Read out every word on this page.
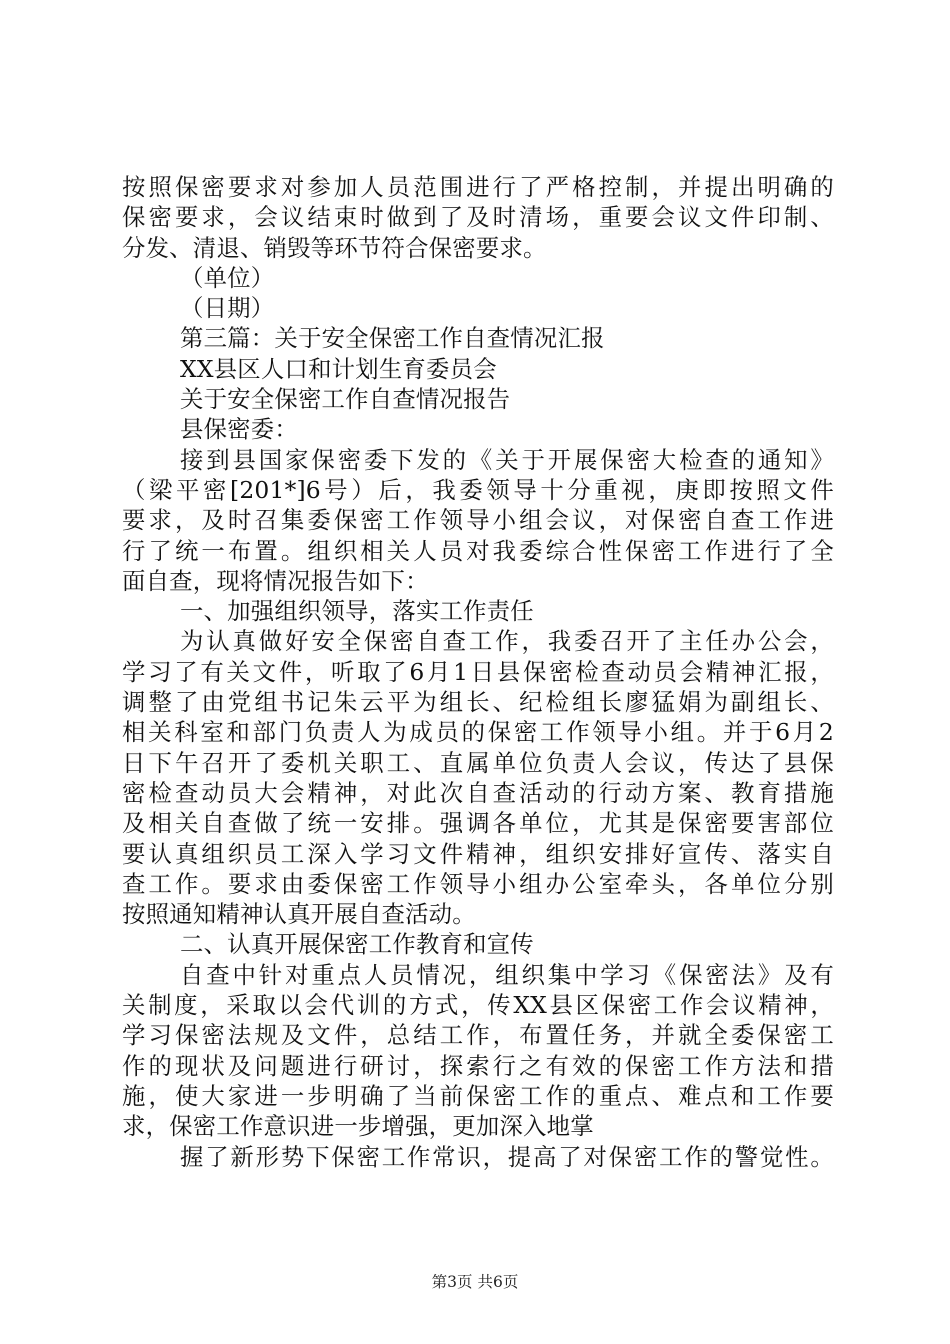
按照保密要求对参加人员范围进行了严格控制，并提出明确的
保密要求，会议结束时做到了及时清场，重要会议文件印制、
分发、清退、销毁等环节符合保密要求。
（单位）
（日期）
第三篇：关于安全保密工作自查情况汇报
XX县区人口和计划生育委员会
关于安全保密工作自查情况报告
县保密委：
接到县国家保密委下发的《关于开展保密大检查的通知》
（梁平密[201*]6号）后，我委领导十分重视，庚即按照文件
要求，及时召集委保密工作领导小组会议，对保密自查工作进
行了统一布置。组织相关人员对我委综合性保密工作进行了全
面自查，现将情况报告如下：
一、加强组织领导，落实工作责任
为认真做好安全保密自查工作，我委召开了主任办公会，
学习了有关文件，听取了6月1日县保密检查动员会精神汇报，
调整了由党组书记朱云平为组长、纪检组长廖猛娟为副组长、
相关科室和部门负责人为成员的保密工作领导小组。并于6月2
日下午召开了委机关职工、直属单位负责人会议，传达了县保
密检查动员大会精神，对此次自查活动的行动方案、教育措施
及相关自查做了统一安排。强调各单位，尤其是保密要害部位
要认真组织员工深入学习文件精神，组织安排好宣传、落实自
查工作。要求由委保密工作领导小组办公室牵头，各单位分别
按照通知精神认真开展自查活动。
二、认真开展保密工作教育和宣传
自查中针对重点人员情况，组织集中学习《保密法》及有
关制度，采取以会代训的方式，传XX县区保密工作会议精神，
学习保密法规及文件，总结工作，布置任务，并就全委保密工
作的现状及问题进行研讨，探索行之有效的保密工作方法和措
施，使大家进一步明确了当前保密工作的重点、难点和工作要
求，保密工作意识进一步增强，更加深入地掌
握了新形势下保密工作常识，提高了对保密工作的警觉性。
第3页 共6页
